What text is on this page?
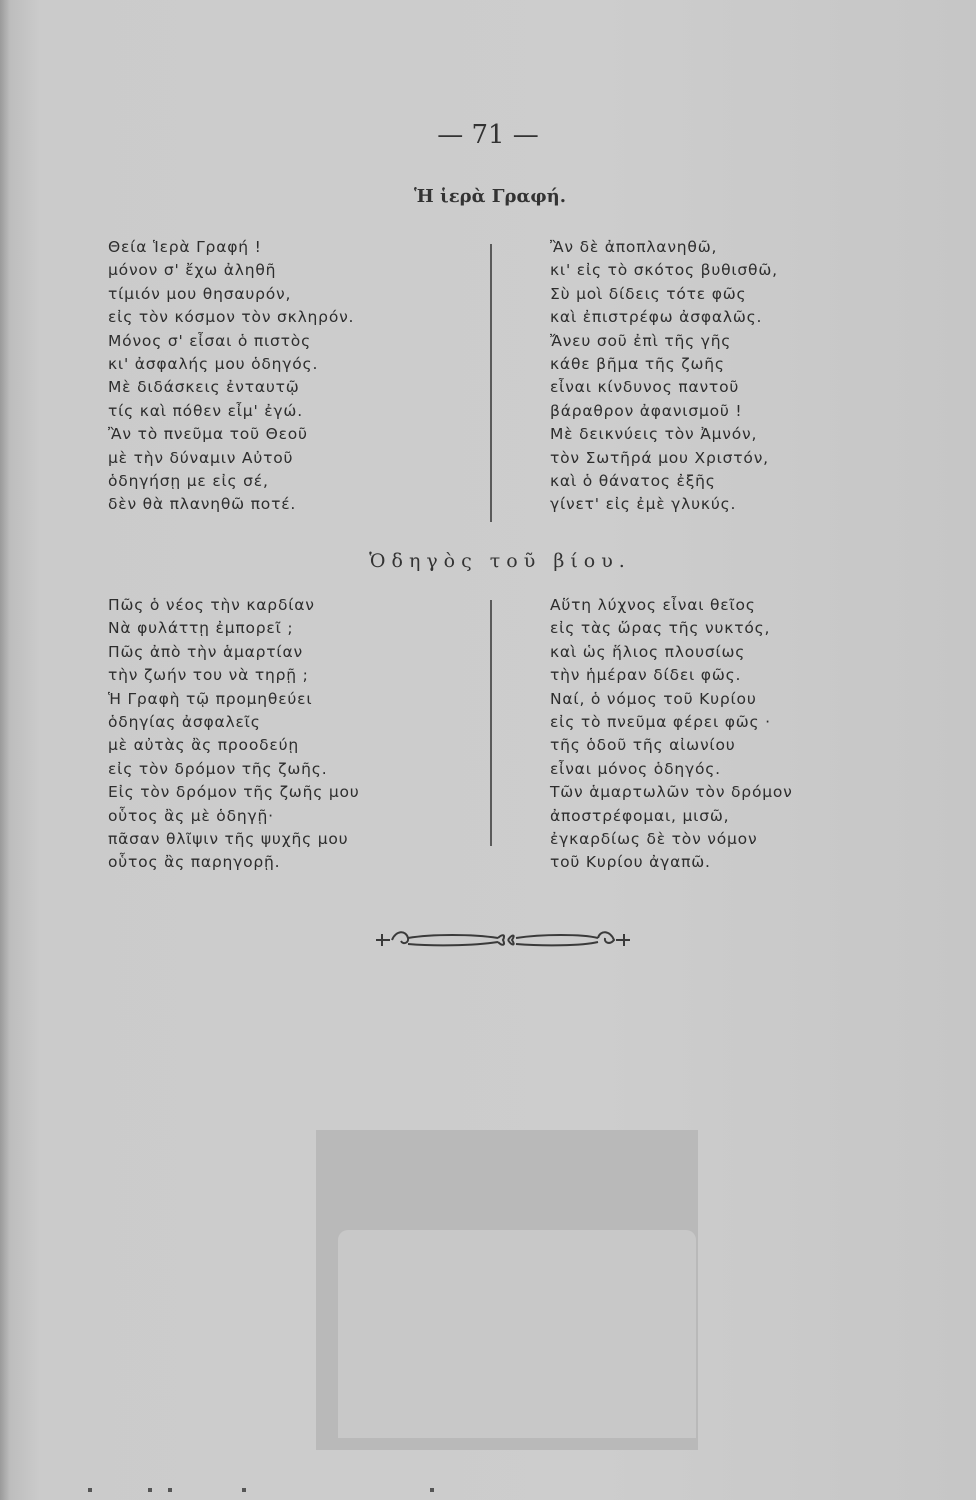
— 71 —
Ἡ ἱερὰ Γραφή.
Θεία Ἱερὰ Γραφή !
μόνον σ' ἔχω ἀληθῆ
τίμιόν μου θησαυρόν,
εἰς τὸν κόσμον τὸν σκληρόν.
Μόνος σ' εἶσαι ὁ πιστὸς
κι' ἀσφαλής μου ὁδηγός.
Μὲ διδάσκεις ἐνταυτῷ
τίς καὶ πόθεν εἶμ' ἐγώ.
Ἂν τὸ πνεῦμα τοῦ Θεοῦ
μὲ τὴν δύναμιν Αὐτοῦ
ὁδηγήσῃ με εἰς σέ,
δὲν θὰ πλανηθῶ ποτέ.
Ἂν δὲ ἀποπλανηθῶ,
κι' εἰς τὸ σκότος βυθισθῶ,
Σὺ μοὶ δίδεις τότε φῶς
καὶ ἐπιστρέφω ἀσφαλῶς.
Ἄνευ σοῦ ἐπὶ τῆς γῆς
κάθε βῆμα τῆς ζωῆς
εἶναι κίνδυνος παντοῦ
βάραθρον ἀφανισμοῦ !
Μὲ δεικνύεις τὸν Ἀμνόν,
τὸν Σωτῆρά μου Χριστόν,
καὶ ὁ θάνατος ἐξῆς
γίνετ' εἰς ἐμὲ γλυκύς.
Ὁδηγὸς τοῦ βίου.
Πῶς ὁ νέος τὴν καρδίαν
Νὰ φυλάττῃ ἐμπορεῖ ;
Πῶς ἀπὸ τὴν ἁμαρτίαν
τὴν ζωήν του νὰ τηρῇ ;
Ἡ Γραφὴ τῷ προμηθεύει
ὁδηγίας ἀσφαλεῖς
μὲ αὐτὰς ἂς προοδεύῃ
εἰς τὸν δρόμον τῆς ζωῆς.
Εἰς τὸν δρόμον τῆς ζωῆς μου
οὗτος ἂς μὲ ὁδηγῇ·
πᾶσαν θλῖψιν τῆς ψυχῆς μου
οὗτος ἂς παρηγορῇ.
Αὕτη λύχνος εἶναι θεῖος
εἰς τὰς ὥρας τῆς νυκτός,
καὶ ὡς ἥλιος πλουσίως
τὴν ἡμέραν δίδει φῶς.
Ναί, ὁ νόμος τοῦ Κυρίου
εἰς τὸ πνεῦμα φέρει φῶς ·
τῆς ὁδοῦ τῆς αἰωνίου
εἶναι μόνος ὁδηγός.
Τῶν ἁμαρτωλῶν τὸν δρόμον
ἀποστρέφομαι, μισῶ,
ἐγκαρδίως δὲ τὸν νόμον
τοῦ Κυρίου ἀγαπῶ.
